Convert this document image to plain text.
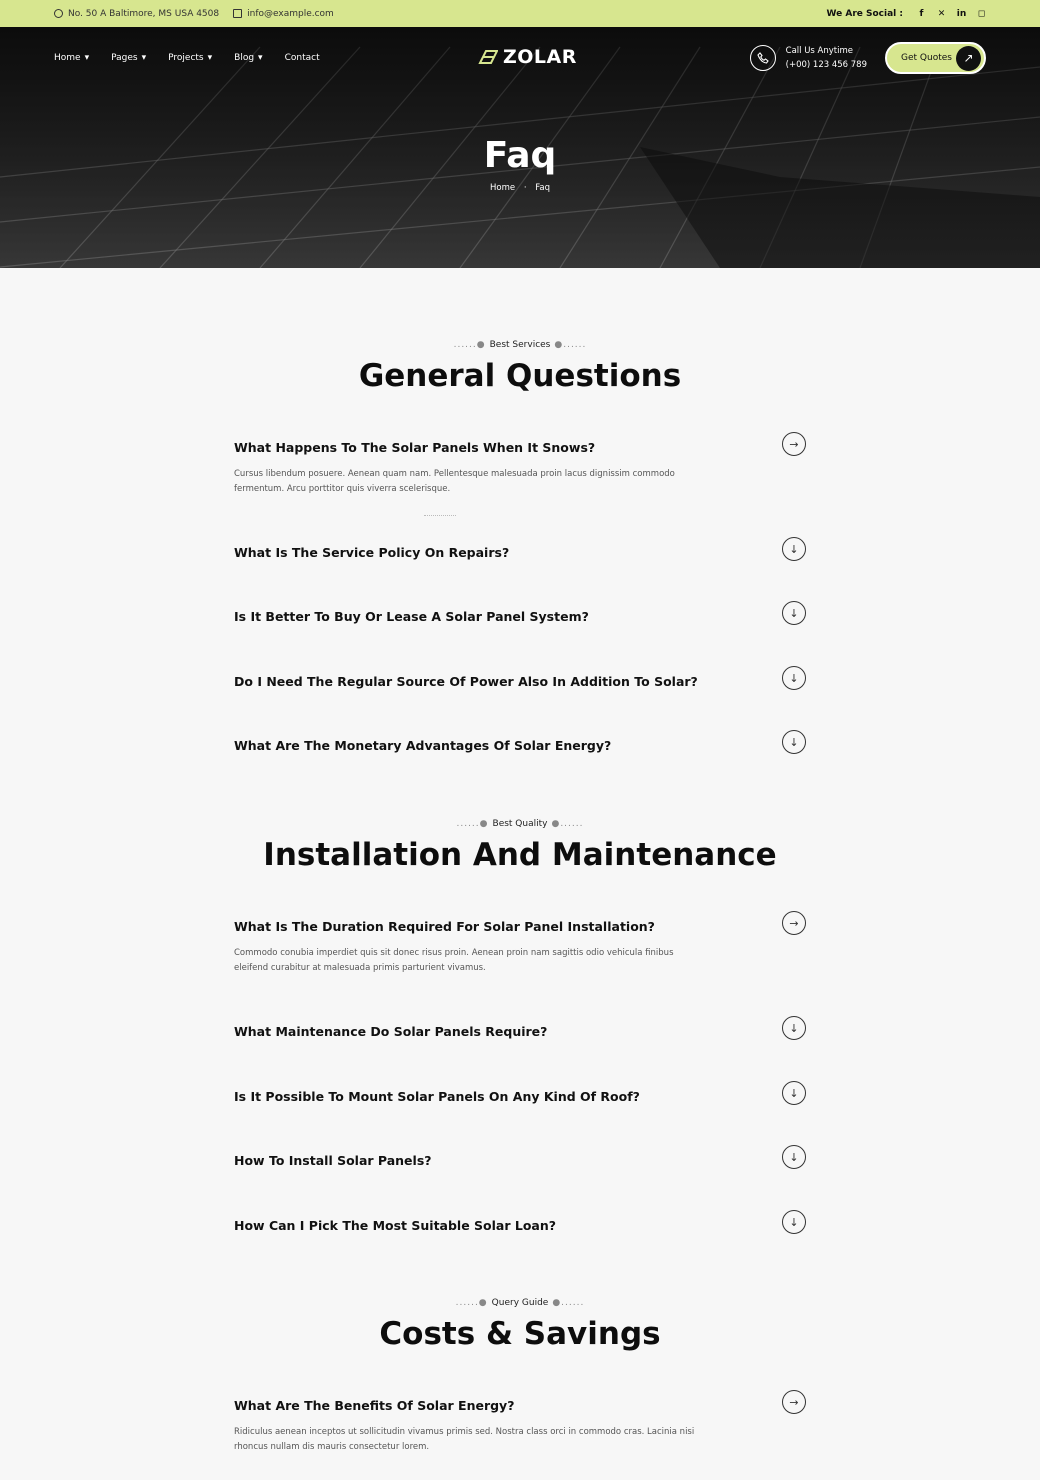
No. 50 A Baltimore, MS USA 4508	info@example.com	We Are Social : f ✕ in ◻
Home ▾ Pages ▾ Projects ▾ Blog ▾ Contact	ZOLAR	Call Us Anytime
(+00) 123 456 789
Get Quotes ↗
Faq
Home · Faq
......● Best Services ●......
General Questions
What Happens To The Solar Panels When It Snows?
Cursus libendum posuere. Aenean quam nam. Pellentesque malesuada proin lacus dignissim commodo fermentum. Arcu porttitor quis viverra scelerisque.
→
What Is The Service Policy On Repairs?	↓
Is It Better To Buy Or Lease A Solar Panel System?	↓
Do I Need The Regular Source Of Power Also In Addition To Solar?	↓
What Are The Monetary Advantages Of Solar Energy?	↓
......● Best Quality ●......
Installation And Maintenance
What Is The Duration Required For Solar Panel Installation?
Commodo conubia imperdiet quis sit donec risus proin. Aenean proin nam sagittis odio vehicula finibus eleifend curabitur at malesuada primis parturient vivamus.
→
What Maintenance Do Solar Panels Require?	↓
Is It Possible To Mount Solar Panels On Any Kind Of Roof?	↓
How To Install Solar Panels?	↓
How Can I Pick The Most Suitable Solar Loan?	↓
......● Query Guide ●......
Costs & Savings
What Are The Benefits Of Solar Energy?
Ridiculus aenean inceptos ut sollicitudin vivamus primis sed. Nostra class orci in commodo cras. Lacinia nisi rhoncus nullam dis mauris consectetur lorem.
→
